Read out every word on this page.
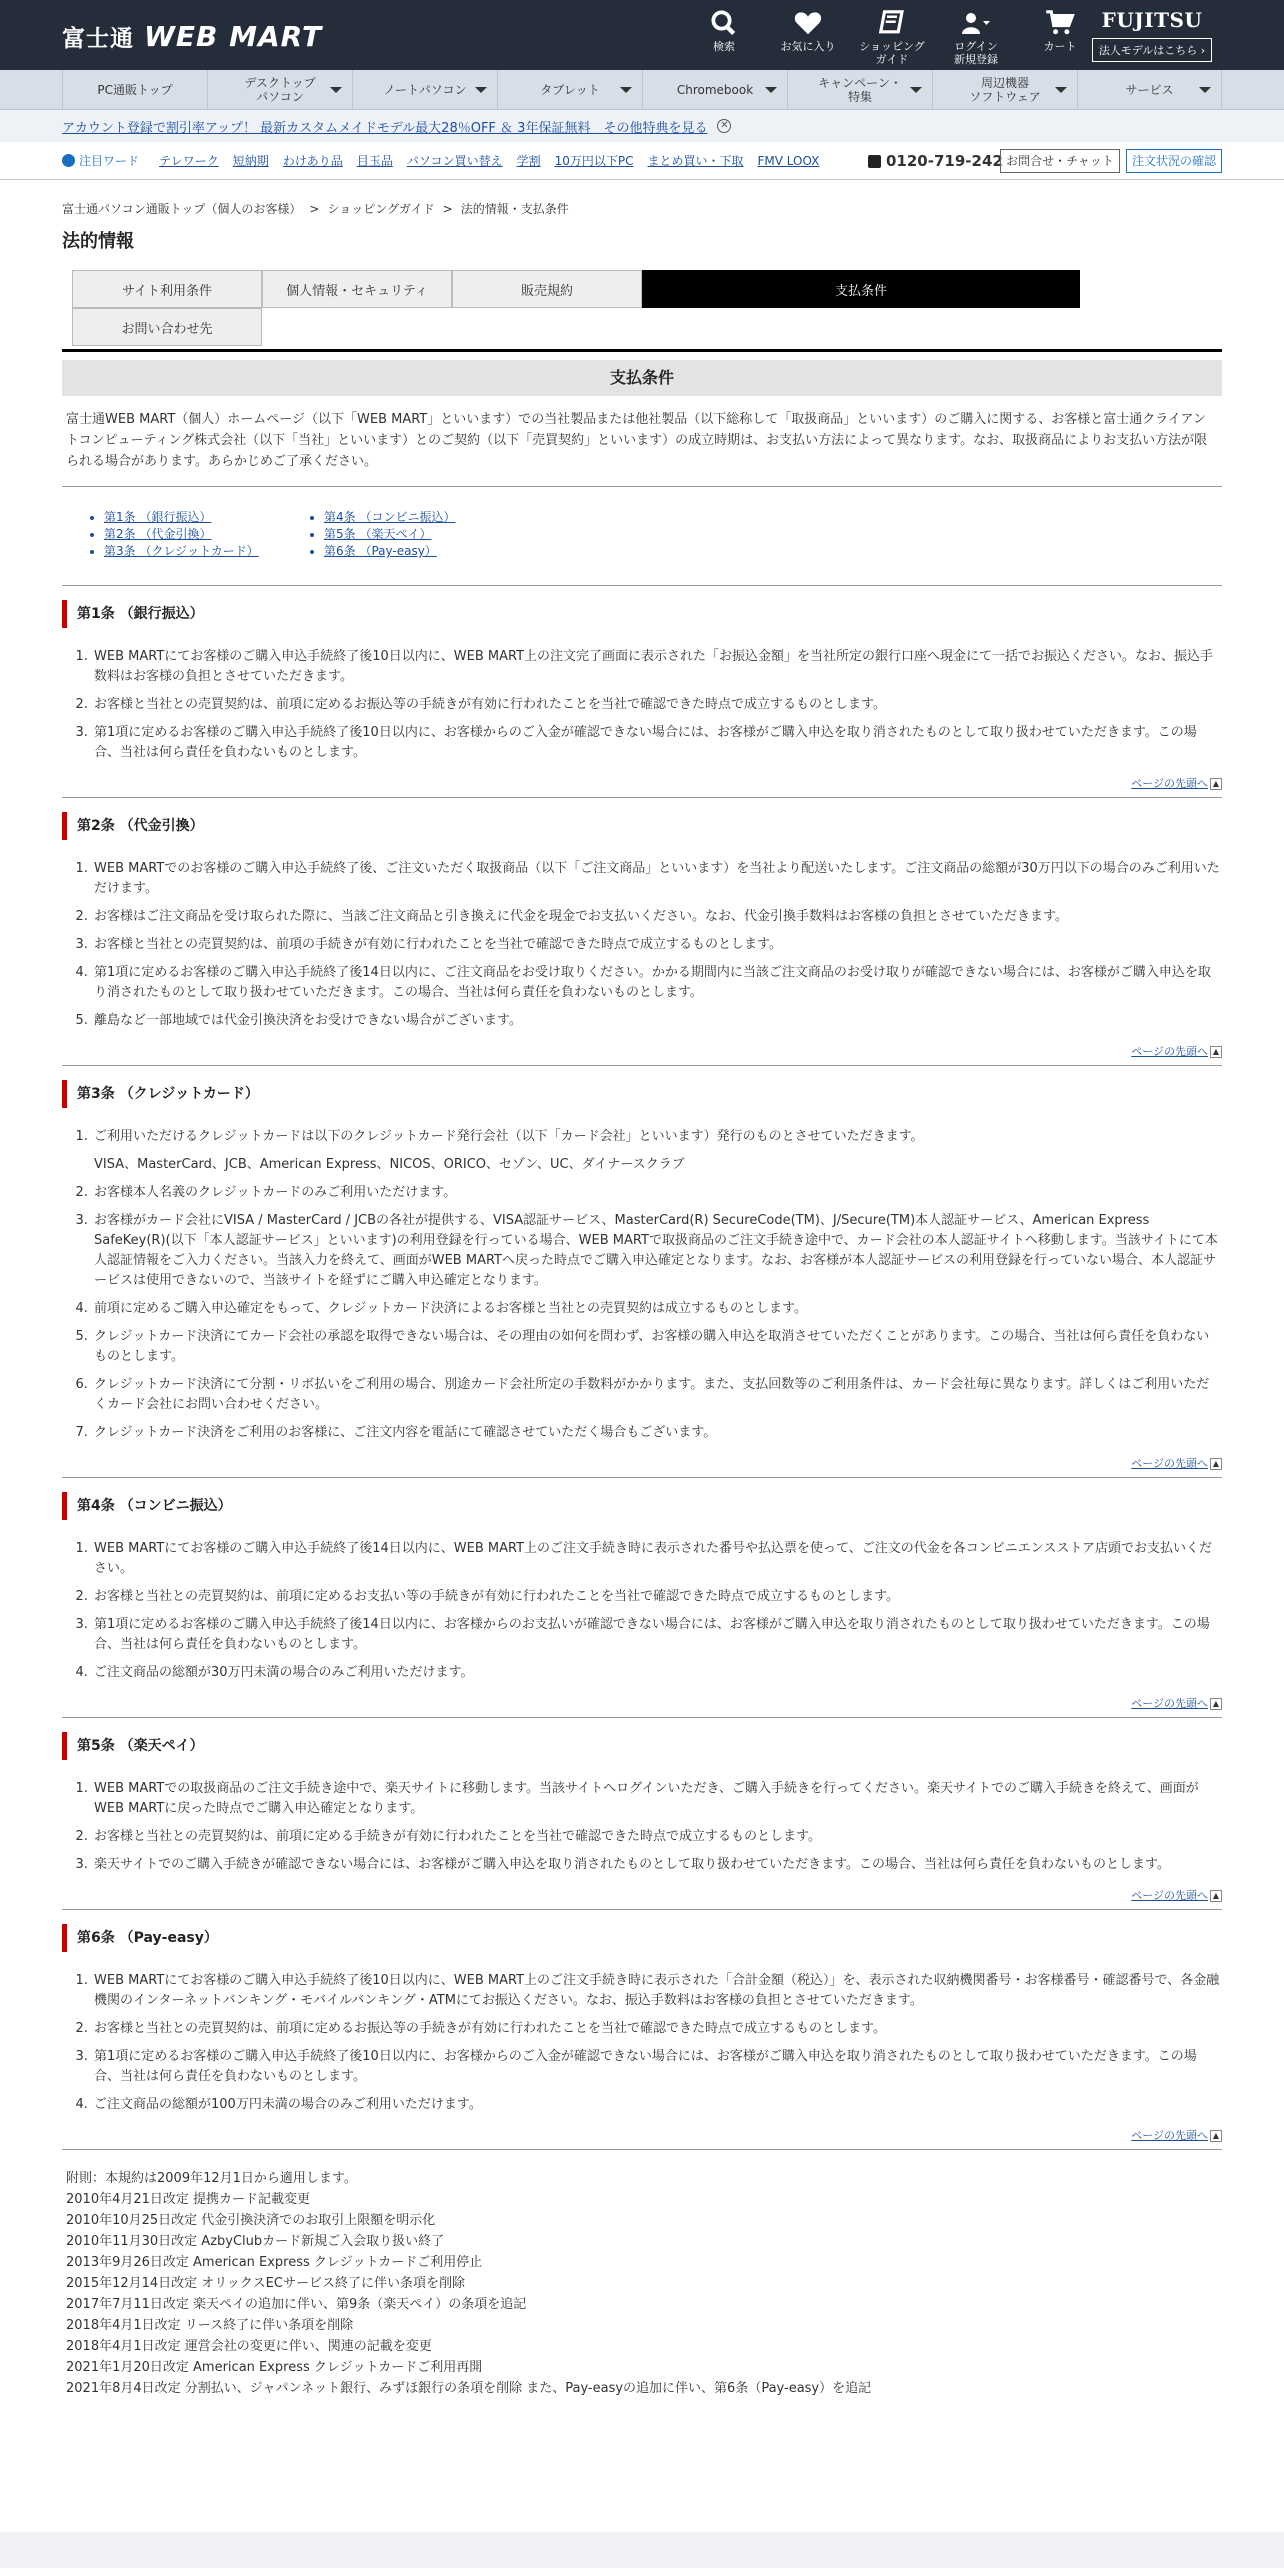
富士通 WEB MART	検索	お気に入り ショッピング
ガイド
ログイン
新規登録
カート
FUJITSU
法人モデルはこちら ›
PC通販トップ	デスクトップ
パソコン	ノートパソコン	タブレット	Chromebook	キャンペーン・
特集
周辺機器
ソフトウェア	サービス
アカウント登録で割引率アップ！ 最新カスタムメイドモデル最大28％OFF ＆ 3年保証無料　その他特典を見る ✕
注目ワード テレワーク 短納期 わけあり品 目玉品 パソコン買い替え 学割 10万円以下PC まとめ買い・下取 FMV LOOX	0120-719-242 お問合せ・チャット	注文状況の確認
富士通パソコン通販トップ（個人のお客様） > ショッピングガイド > 法的情報・支払条件
法的情報
サイト利用条件	個人情報・セキュリティ	販売規約	支払条件
お問い合わせ先
支払条件

富士通WEB MART（個人）ホームページ（以下「WEB MART」といいます）での当社製品または他社製品（以下総称して「取扱商品」といいます）のご購入に関する、お客様と富士通クライアントコンピューティング株式会社（以下「当社」といいます）とのご契約（以下「売買契約」といいます）の成立時期は、お支払い方法によって異なります。なお、取扱商品によりお支払い方法が限られる場合があります。あらかじめご了承ください。

• 第1条 （銀行振込）
• 第2条 （代金引換）
• 第3条 （クレジットカード）
• 第4条 （コンビニ振込）
• 第5条 （楽天ペイ）
• 第6条 （Pay-easy）
第1条 （銀行振込）
1. WEB MARTにてお客様のご購入申込手続終了後10日以内に、WEB MART上の注文完了画面に表示された「お振込金額」を当社所定の銀行口座へ現金にて一括でお振込ください。なお、振込手数料はお客様の負担とさせていただきます。
2. お客様と当社との売買契約は、前項に定めるお振込等の手続きが有効に行われたことを当社で確認できた時点で成立するものとします。
3. 第1項に定めるお客様のご購入申込手続終了後10日以内に、お客様からのご入金が確認できない場合には、お客様がご購入申込を取り消されたものとして取り扱わせていただきます。この場合、当社は何ら責任を負わないものとします。
ページの先頭へ ▲
第2条 （代金引換）
1. WEB MARTでのお客様のご購入申込手続終了後、ご注文いただく取扱商品（以下「ご注文商品」といいます）を当社より配送いたします。ご注文商品の総額が30万円以下の場合のみご利用いただけます。
2. お客様はご注文商品を受け取られた際に、当該ご注文商品と引き換えに代金を現金でお支払いください。なお、代金引換手数料はお客様の負担とさせていただきます。
3. お客様と当社との売買契約は、前項の手続きが有効に行われたことを当社で確認できた時点で成立するものとします。
4. 第1項に定めるお客様のご購入申込手続終了後14日以内に、ご注文商品をお受け取りください。かかる期間内に当該ご注文商品のお受け取りが確認できない場合には、お客様がご購入申込を取り消されたものとして取り扱わせていただきます。この場合、当社は何ら責任を負わないものとします。
5. 離島など一部地域では代金引換決済をお受けできない場合がございます。
ページの先頭へ ▲
第3条 （クレジットカード）
1. ご利用いただけるクレジットカードは以下のクレジットカード発行会社（以下「カード会社」といいます）発行のものとさせていただきます。
VISA、MasterCard、JCB、American Express、NICOS、ORICO、セゾン、UC、ダイナースクラブ
2. お客様本人名義のクレジットカードのみご利用いただけます。
3. お客様がカード会社にVISA / MasterCard / JCBの各社が提供する、VISA認証サービス、MasterCard(R) SecureCode(TM)、J/Secure(TM)本人認証サービス、American Express SafeKey(R)(以下「本人認証サービス」といいます)の利用登録を行っている場合、WEB MARTで取扱商品のご注文手続き途中で、カード会社の本人認証サイトへ移動します。当該サイトにて本人認証情報をご入力ください。当該入力を終えて、画面がWEB MARTへ戻った時点でご購入申込確定となります。なお、お客様が本人認証サービスの利用登録を行っていない場合、本人認証サービスは使用できないので、当該サイトを経ずにご購入申込確定となります。
4. 前項に定めるご購入申込確定をもって、クレジットカード決済によるお客様と当社との売買契約は成立するものとします。
5. クレジットカード決済にてカード会社の承認を取得できない場合は、その理由の如何を問わず、お客様の購入申込を取消させていただくことがあります。この場合、当社は何ら責任を負わないものとします。
6. クレジットカード決済にて分割・リボ払いをご利用の場合、別途カード会社所定の手数料がかかります。また、支払回数等のご利用条件は、カード会社毎に異なります。詳しくはご利用いただくカード会社にお問い合わせください。
7. クレジットカード決済をご利用のお客様に、ご注文内容を電話にて確認させていただく場合もございます。
ページの先頭へ ▲
第4条 （コンビニ振込）
1. WEB MARTにてお客様のご購入申込手続終了後14日以内に、WEB MART上のご注文手続き時に表示された番号や払込票を使って、ご注文の代金を各コンビニエンスストア店頭でお支払いください。
2. お客様と当社との売買契約は、前項に定めるお支払い等の手続きが有効に行われたことを当社で確認できた時点で成立するものとします。
3. 第1項に定めるお客様のご購入申込手続終了後14日以内に、お客様からのお支払いが確認できない場合には、お客様がご購入申込を取り消されたものとして取り扱わせていただきます。この場合、当社は何ら責任を負わないものとします。
4. ご注文商品の総額が30万円未満の場合のみご利用いただけます。
ページの先頭へ ▲
第5条 （楽天ペイ）
1. WEB MARTでの取扱商品のご注文手続き途中で、楽天サイトに移動します。当該サイトへログインいただき、ご購入手続きを行ってください。楽天サイトでのご購入手続きを終えて、画面がWEB MARTに戻った時点でご購入申込確定となります。
2. お客様と当社との売買契約は、前項に定める手続きが有効に行われたことを当社で確認できた時点で成立するものとします。
3. 楽天サイトでのご購入手続きが確認できない場合には、お客様がご購入申込を取り消されたものとして取り扱わせていただきます。この場合、当社は何ら責任を負わないものとします。
ページの先頭へ ▲
第6条 （Pay-easy）
1. WEB MARTにてお客様のご購入申込手続終了後10日以内に、WEB MART上のご注文手続き時に表示された「合計金額（税込）」を、表示された収納機関番号・お客様番号・確認番号で、各金融機関のインターネットバンキング・モバイルバンキング・ATMにてお振込ください。なお、振込手数料はお客様の負担とさせていただきます。
2. お客様と当社との売買契約は、前項に定めるお振込等の手続きが有効に行われたことを当社で確認できた時点で成立するものとします。
3. 第1項に定めるお客様のご購入申込手続終了後10日以内に、お客様からのご入金が確認できない場合には、お客様がご購入申込を取り消されたものとして取り扱わせていただきます。この場合、当社は何ら責任を負わないものとします。
4. ご注文商品の総額が100万円未満の場合のみご利用いただけます。
ページの先頭へ ▲
附則：本規約は2009年12月1日から適用します。
2010年4月21日改定 提携カード記載変更
2010年10月25日改定 代金引換決済でのお取引上限額を明示化
2010年11月30日改定 AzbyClubカード新規ご入会取り扱い終了
2013年9月26日改定 American Express クレジットカードご利用停止
2015年12月14日改定 オリックスECサービス終了に伴い条項を削除
2017年7月11日改定 楽天ペイの追加に伴い、第9条（楽天ペイ）の条項を追記
2018年4月1日改定 リース終了に伴い条項を削除
2018年4月1日改定 運営会社の変更に伴い、関連の記載を変更
2021年1月20日改定 American Express クレジットカードご利用再開
2021年8月4日改定 分割払い、ジャパンネット銀行、みずほ銀行の条項を削除 また、Pay-easyの追加に伴い、第6条（Pay-easy）を追記
